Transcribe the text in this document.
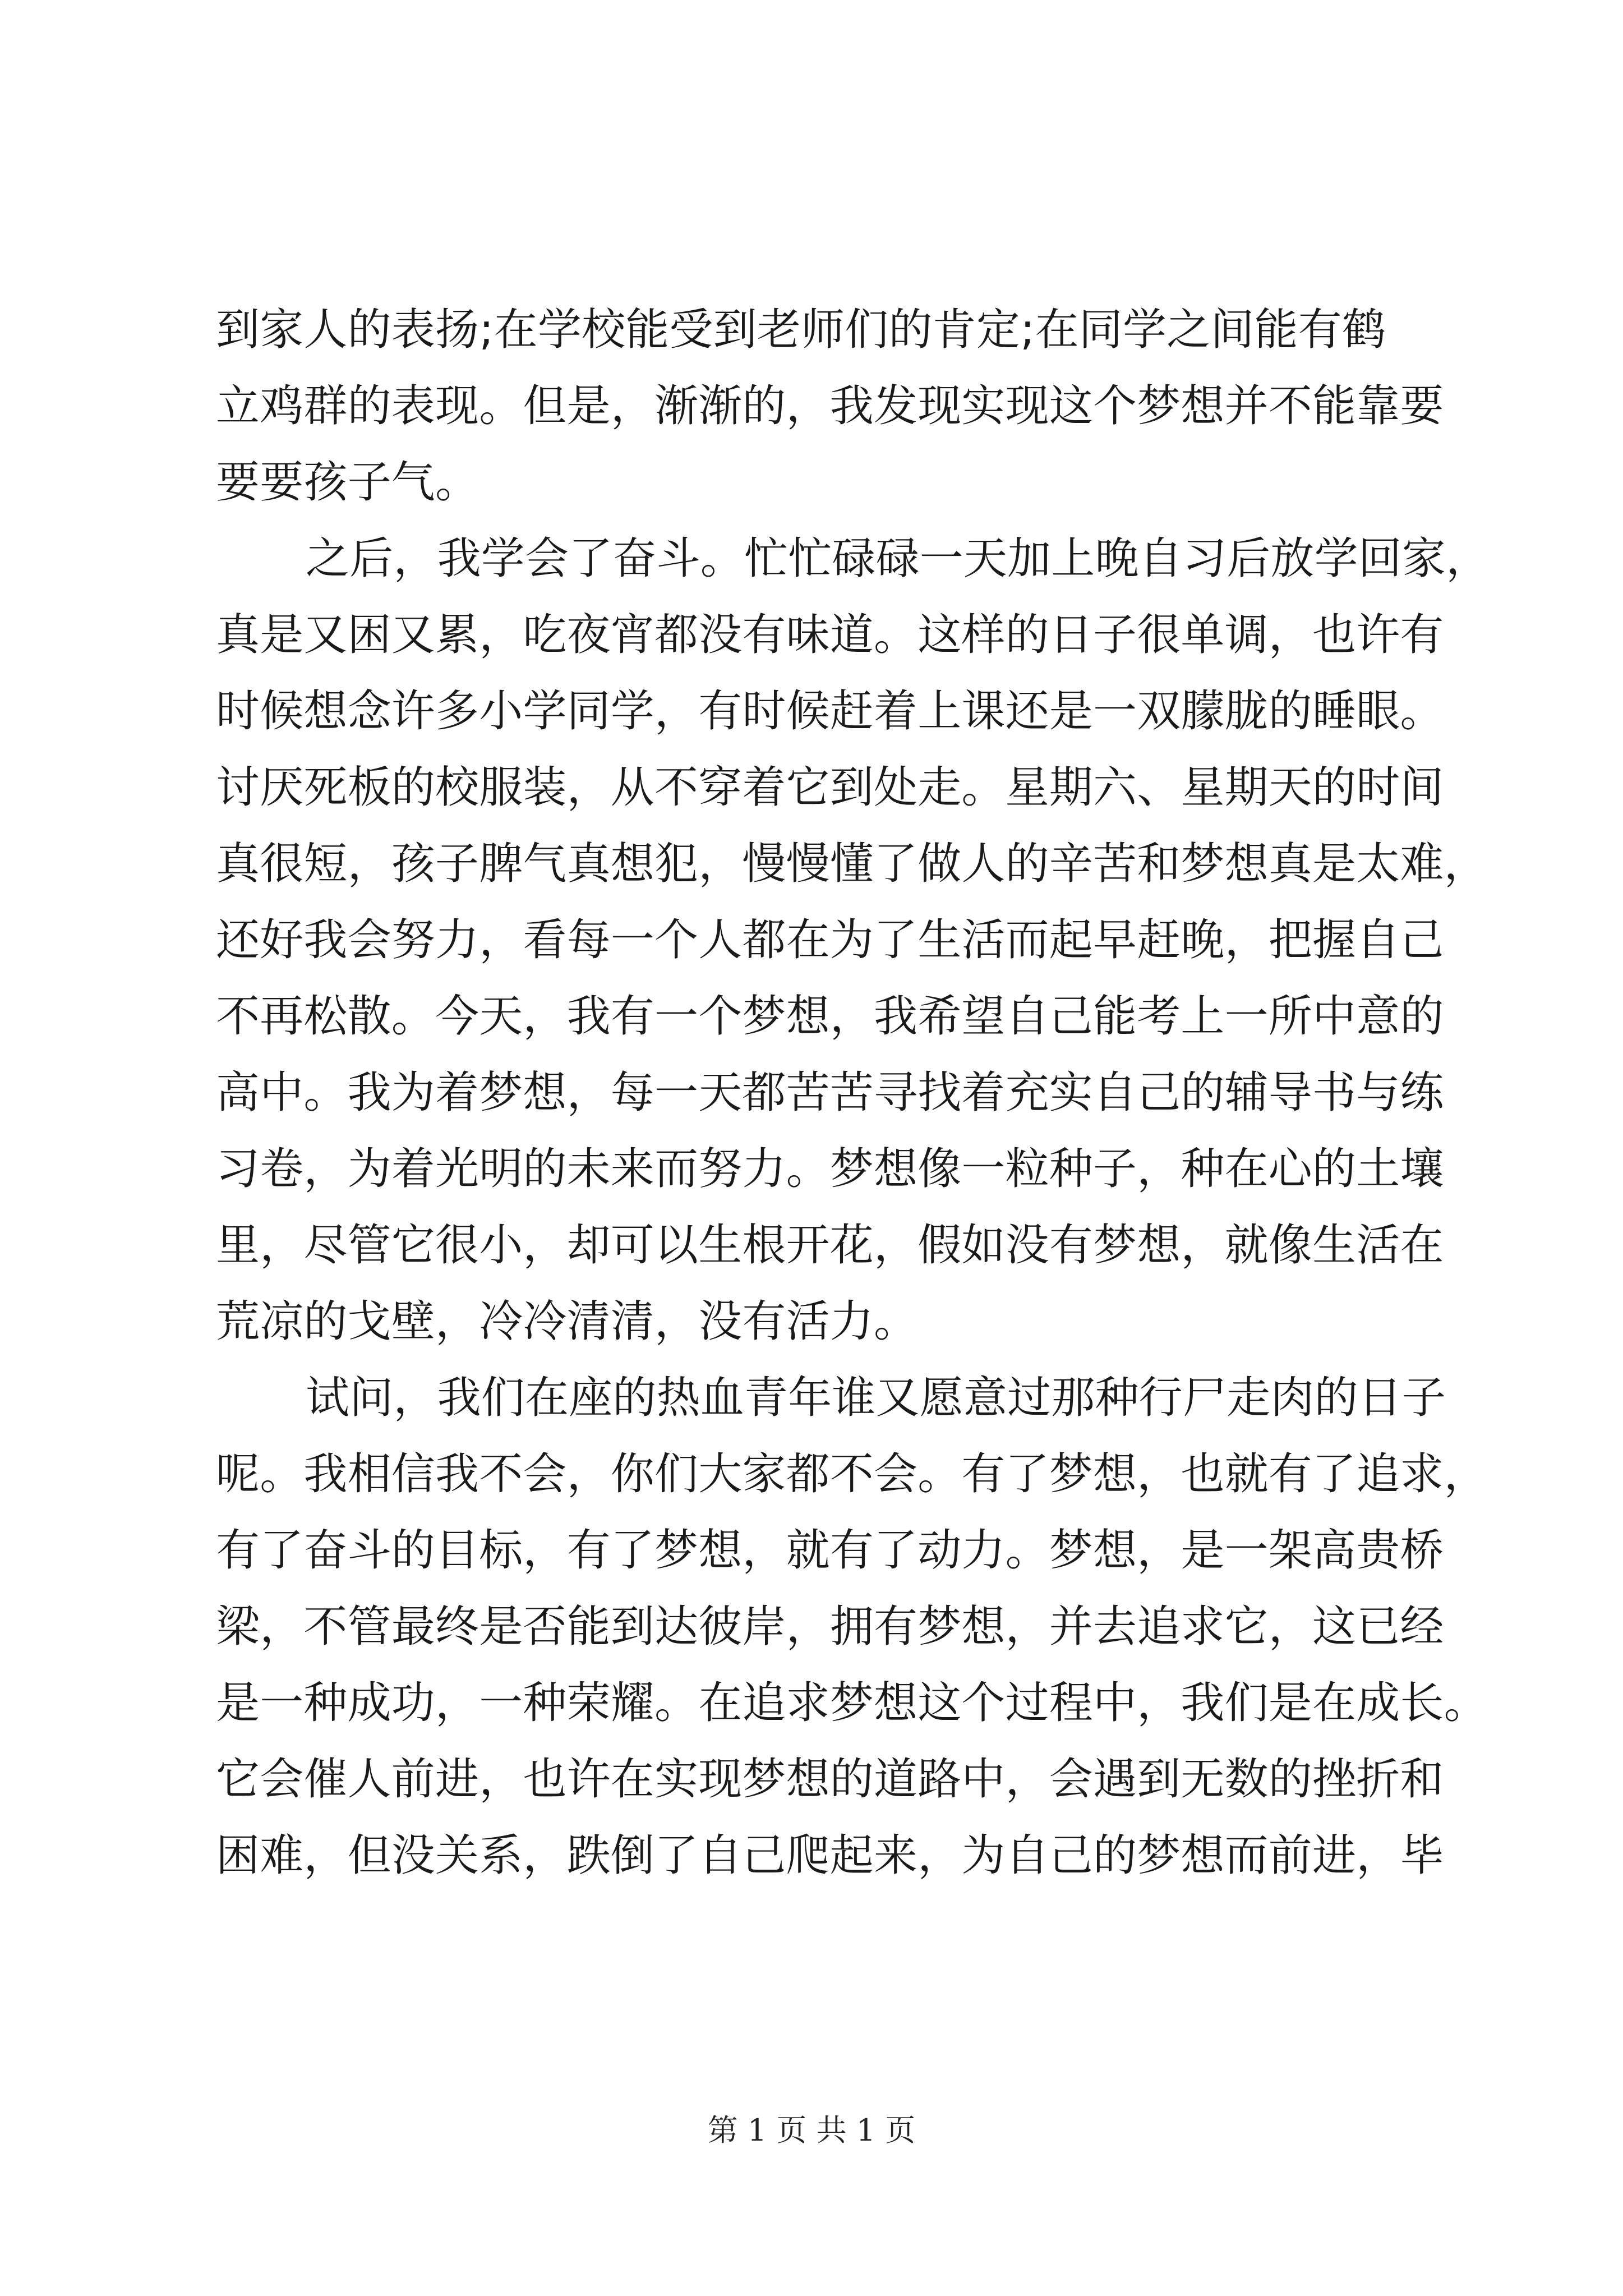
到家人的表扬;在学校能受到老师们的肯定;在同学之间能有鹤
立鸡群的表现。但是，渐渐的，我发现实现这个梦想并不能靠要
要要孩子气。
之后，我学会了奋斗。忙忙碌碌一天加上晚自习后放学回家，
真是又困又累，吃夜宵都没有味道。这样的日子很单调，也许有
时候想念许多小学同学，有时候赶着上课还是一双朦胧的睡眼。
讨厌死板的校服装，从不穿着它到处走。星期六、星期天的时间
真很短，孩子脾气真想犯，慢慢懂了做人的辛苦和梦想真是太难，
还好我会努力，看每一个人都在为了生活而起早赶晚，把握自己
不再松散。今天，我有一个梦想，我希望自己能考上一所中意的
高中。我为着梦想，每一天都苦苦寻找着充实自己的辅导书与练
习卷，为着光明的未来而努力。梦想像一粒种子，种在心的土壤
里，尽管它很小，却可以生根开花，假如没有梦想，就像生活在
荒凉的戈壁，冷冷清清，没有活力。
试问，我们在座的热血青年谁又愿意过那种行尸走肉的日子
呢。我相信我不会，你们大家都不会。有了梦想，也就有了追求，
有了奋斗的目标，有了梦想，就有了动力。梦想，是一架高贵桥
梁，不管最终是否能到达彼岸，拥有梦想，并去追求它，这已经
是一种成功，一种荣耀。在追求梦想这个过程中，我们是在成长。
它会催人前进，也许在实现梦想的道路中，会遇到无数的挫折和
困难，但没关系，跌倒了自己爬起来，为自己的梦想而前进，毕
第 1 页 共 1 页
